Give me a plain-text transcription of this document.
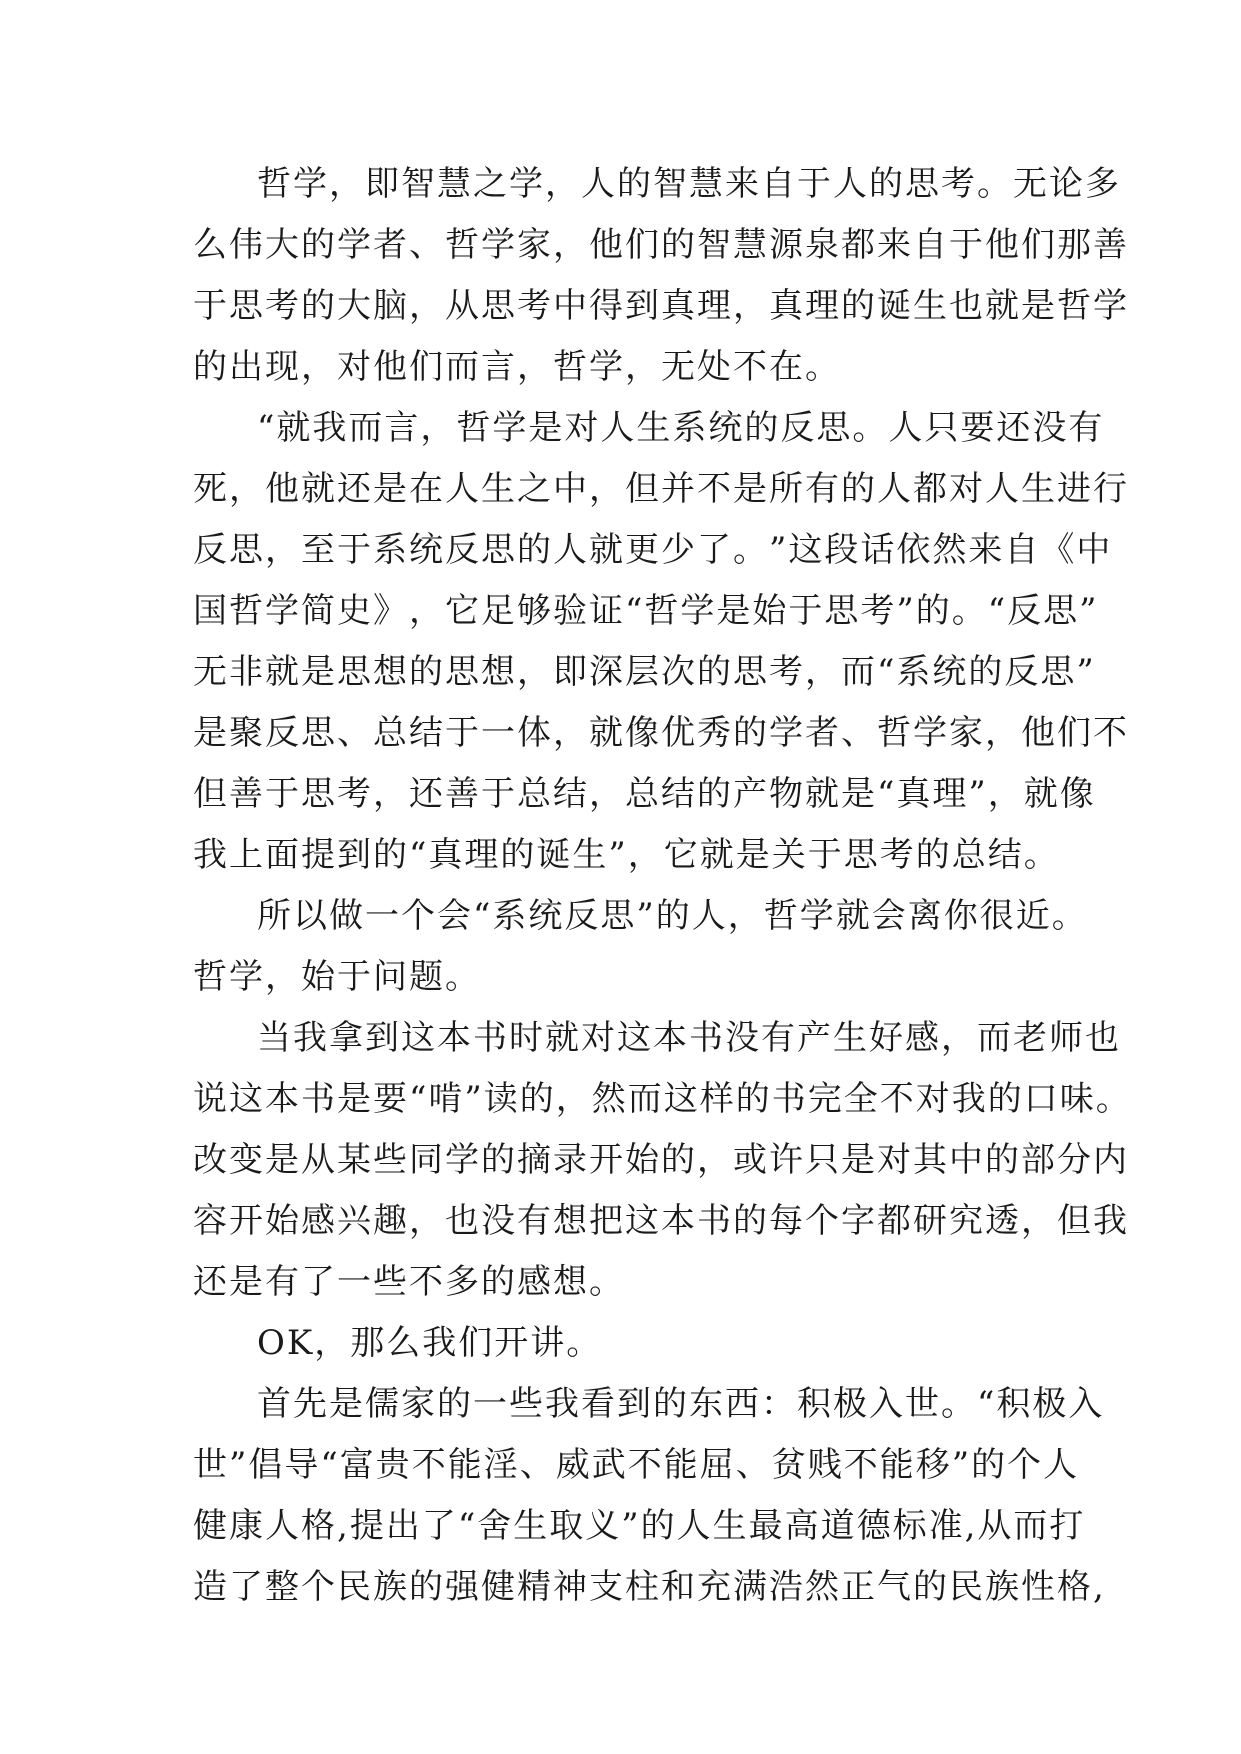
哲 学 ， 即 智 慧 之 学 ， 人 的 智 慧 来 自 于 人 的 思 考 。 无 论 多
么 伟 大 的 学 者 、 哲 学 家 ， 他 们 的 智 慧 源 泉 都 来 自 于 他 们 那 善
于 思 考 的 大 脑 ， 从 思 考 中 得 到 真 理 ， 真 理 的 诞 生 也 就 是 哲 学
的出现，对他们而言，哲学，无处不在。
“ 就 我 而 言 ， 哲 学 是 对 人 生 系 统 的 反 思 。 人 只 要 还 没 有
死 ， 他 就 还 是 在 人 生 之 中 ， 但 并 不 是 所 有 的 人 都 对 人 生 进 行
反 思 ， 至 于 系 统 反 思 的 人 就 更 少 了 。 ” 这 段 话 依 然 来 自 《 中
国 哲 学 简 史 》 ， 它 足 够 验 证 “ 哲 学 是 始 于 思 考 ” 的 。 “ 反 思 ”
无 非 就 是 思 想 的 思 想 ， 即 深 层 次 的 思 考 ， 而 “ 系 统 的 反 思 ”
是 聚 反 思 、 总 结 于 一 体 ， 就 像 优 秀 的 学 者 、 哲 学 家 ， 他 们 不
但 善 于 思 考 ， 还 善 于 总 结 ， 总 结 的 产 物 就 是 “ 真 理 ” ， 就 像
我上面提到的“真理的诞生”，它就是关于思考的总结。
所 以 做 一 个 会 “ 系 统 反 思 ” 的 人 ， 哲 学 就 会 离 你 很 近 。
哲学，始于问题。
当 我 拿 到 这 本 书 时 就 对 这 本 书 没 有 产 生 好 感 ， 而 老 师 也
说 这 本 书 是 要 “ 啃 ” 读 的 ， 然 而 这 样 的 书 完 全 不 对 我 的 口 味 。
改 变 是 从 某 些 同 学 的 摘 录 开 始 的 ， 或 许 只 是 对 其 中 的 部 分 内
容 开 始 感 兴 趣 ， 也 没 有 想 把 这 本 书 的 每 个 字 都 研 究 透 ， 但 我
还是有了一些不多的感想。
OK，那么我们开讲。
首 先 是 儒 家 的 一 些 我 看 到 的 东 西 ： 积 极 入 世 。 “ 积 极 入
世 ” 倡 导 “ 富 贵 不 能 淫 、 威 武 不 能 屈 、 贫 贱 不 能 移 ” 的 个 人
健 康 人 格 , 提 出 了 “ 舍 生 取 义 ” 的 人 生 最 高 道 德 标 准 , 从 而 打
造 了 整 个 民 族 的 强 健 精 神 支 柱 和 充 满 浩 然 正 气 的 民 族 性 格 ,
